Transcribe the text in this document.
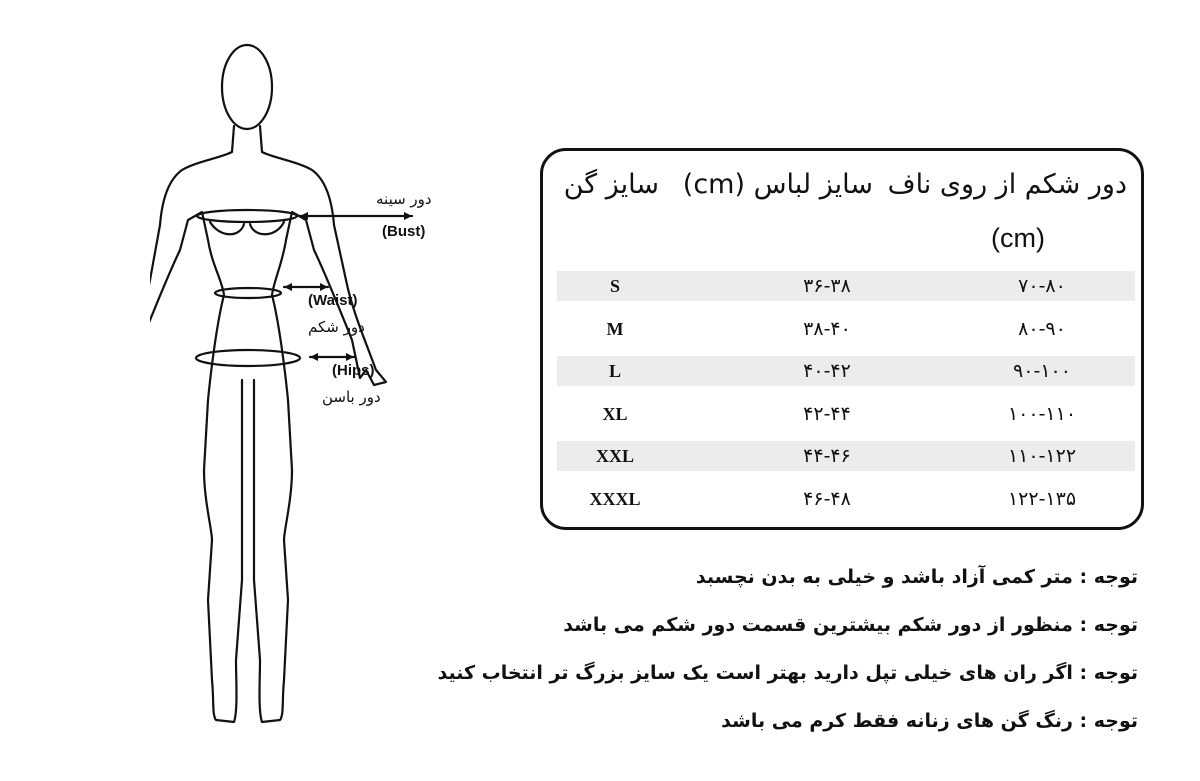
دور سینه
(Bust)
(Waist)
دور شکم
(Hips)
دور باسن
دور شکم از روی ناف
(cm)
سایز لباس (cm)
سایز گن
S	۳۶-۳۸	۷۰-۸۰
M	۳۸-۴۰	۸۰-۹۰
L	۴۰-۴۲	۹۰-۱۰۰
XL	۴۲-۴۴	۱۰۰-۱۱۰
XXL	۴۴-۴۶	۱۱۰-۱۲۲
XXXL	۴۶-۴۸	۱۲۲-۱۳۵
توجه : متر کمی آزاد باشد و خیلی به بدن نچسبد
توجه : منظور از دور شکم بیشترین قسمت دور شکم می باشد
توجه : اگر ران های خیلی تپل دارید بهتر است یک سایز بزرگ تر انتخاب کنید
توجه : رنگ گن های زنانه فقط کرم می باشد
